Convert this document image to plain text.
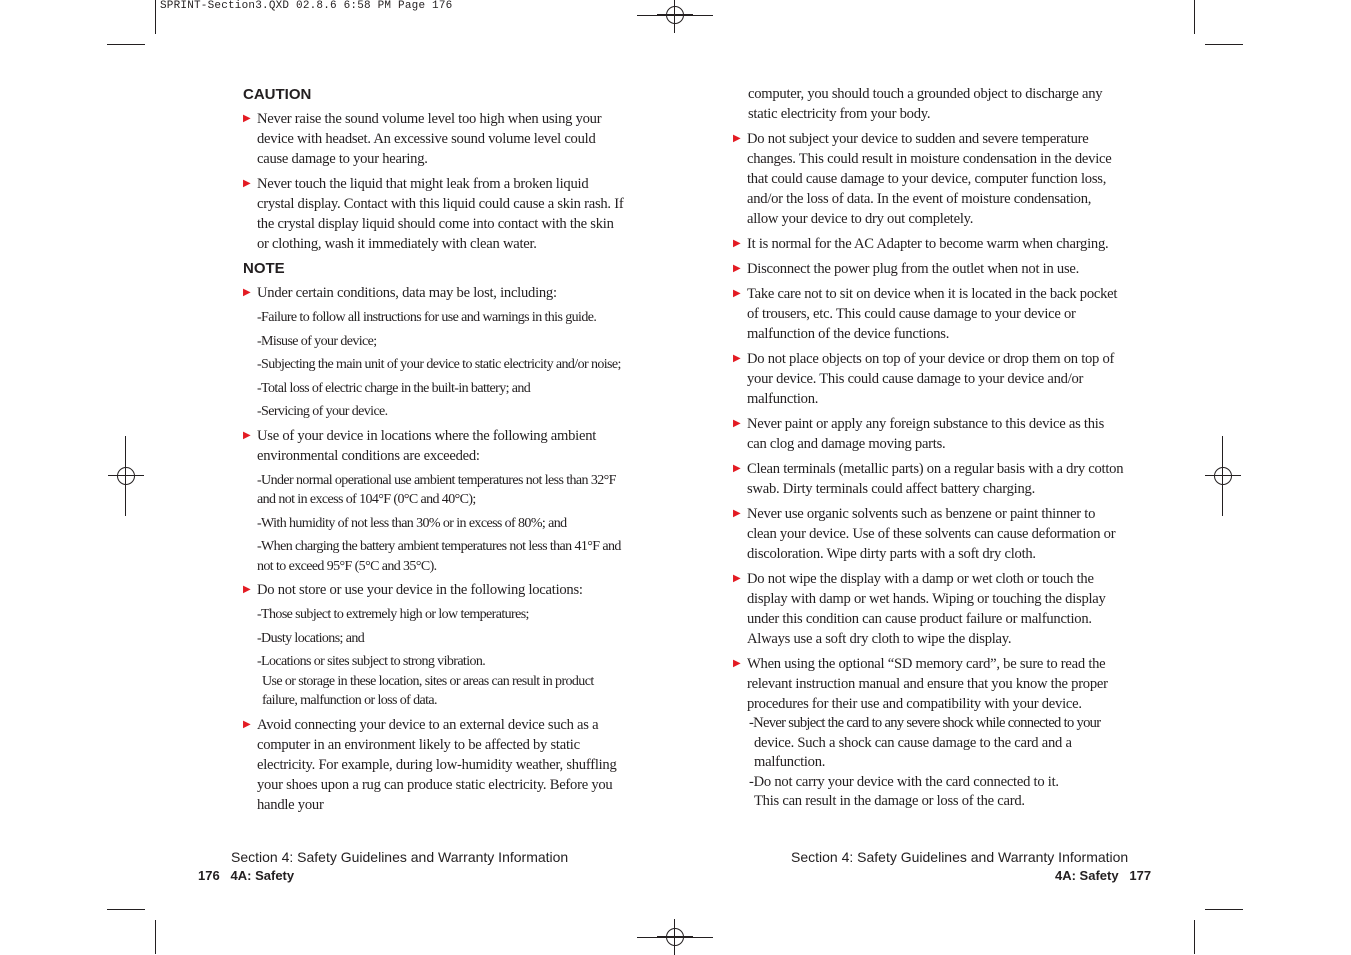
SPRINT-Section3.QXD 02.8.6 6:58 PM Page 176
CAUTION
▶ Never raise the sound volume level too high when using your device with headset. An excessive sound volume level could cause damage to your hearing.
▶ Never touch the liquid that might leak from a broken liquid crystal display. Contact with this liquid could cause a skin rash. If the crystal display liquid should come into contact with the skin or clothing, wash it immediately with clean water.
NOTE
▶ Under certain conditions, data may be lost, including:
-Failure to follow all instructions for use and warnings in this guide.
-Misuse of your device;
-Subjecting the main unit of your device to static electricity and/or noise;
-Total loss of electric charge in the built-in battery; and
-Servicing of your device.
▶ Use of your device in locations where the following ambient environmental conditions are exceeded:
-Under normal operational use ambient temperatures not less than 32°F and not in excess of 104°F (0°C and 40°C);
-With humidity of not less than 30% or in excess of 80%; and
-When charging the battery ambient temperatures not less than 41°F and not to exceed 95°F (5°C and 35°C).
▶ Do not store or use your device in the following locations:
-Those subject to extremely high or low temperatures;
-Dusty locations; and
-Locations or sites subject to strong vibration.
Use or storage in these location, sites or areas can result in product failure, malfunction or loss of data.
▶ Avoid connecting your device to an external device such as a computer in an environment likely to be affected by static electricity. For example, during low-humidity weather, shuffling your shoes upon a rug can produce static electricity. Before you handle your
computer, you should touch a grounded object to discharge any static electricity from your body.
▶ Do not subject your device to sudden and severe temperature changes. This could result in moisture condensation in the device that could cause damage to your device, computer function loss, and/or the loss of data. In the event of moisture condensation, allow your device to dry out completely.
▶ It is normal for the AC Adapter to become warm when charging.
▶ Disconnect the power plug from the outlet when not in use.
▶ Take care not to sit on device when it is located in the back pocket of trousers, etc. This could cause damage to your device or malfunction of the device functions.
▶ Do not place objects on top of your device or drop them on top of your device. This could cause damage to your device and/or malfunction.
▶ Never paint or apply any foreign substance to this device as this can clog and damage moving parts.
▶ Clean terminals (metallic parts) on a regular basis with a dry cotton swab. Dirty terminals could affect battery charging.
▶ Never use organic solvents such as benzene or paint thinner to clean your device. Use of these solvents can cause deformation or discoloration. Wipe dirty parts with a soft dry cloth.
▶ Do not wipe the display with a damp or wet cloth or touch the display with damp or wet hands. Wiping or touching the display under this condition can cause product failure or malfunction. Always use a soft dry cloth to wipe the display.
▶ When using the optional “SD memory card”, be sure to read the relevant instruction manual and ensure that you know the proper procedures for their use and compatibility with your device.
-Never subject the card to any severe shock while connected to your
device. Such a shock can cause damage to the card and a malfunction.
-Do not carry your device with the card connected to it.
This can result in the damage or loss of the card.
Section 4: Safety Guidelines and Warranty Information
176   4A: Safety
Section 4: Safety Guidelines and Warranty Information
4A: Safety   177
